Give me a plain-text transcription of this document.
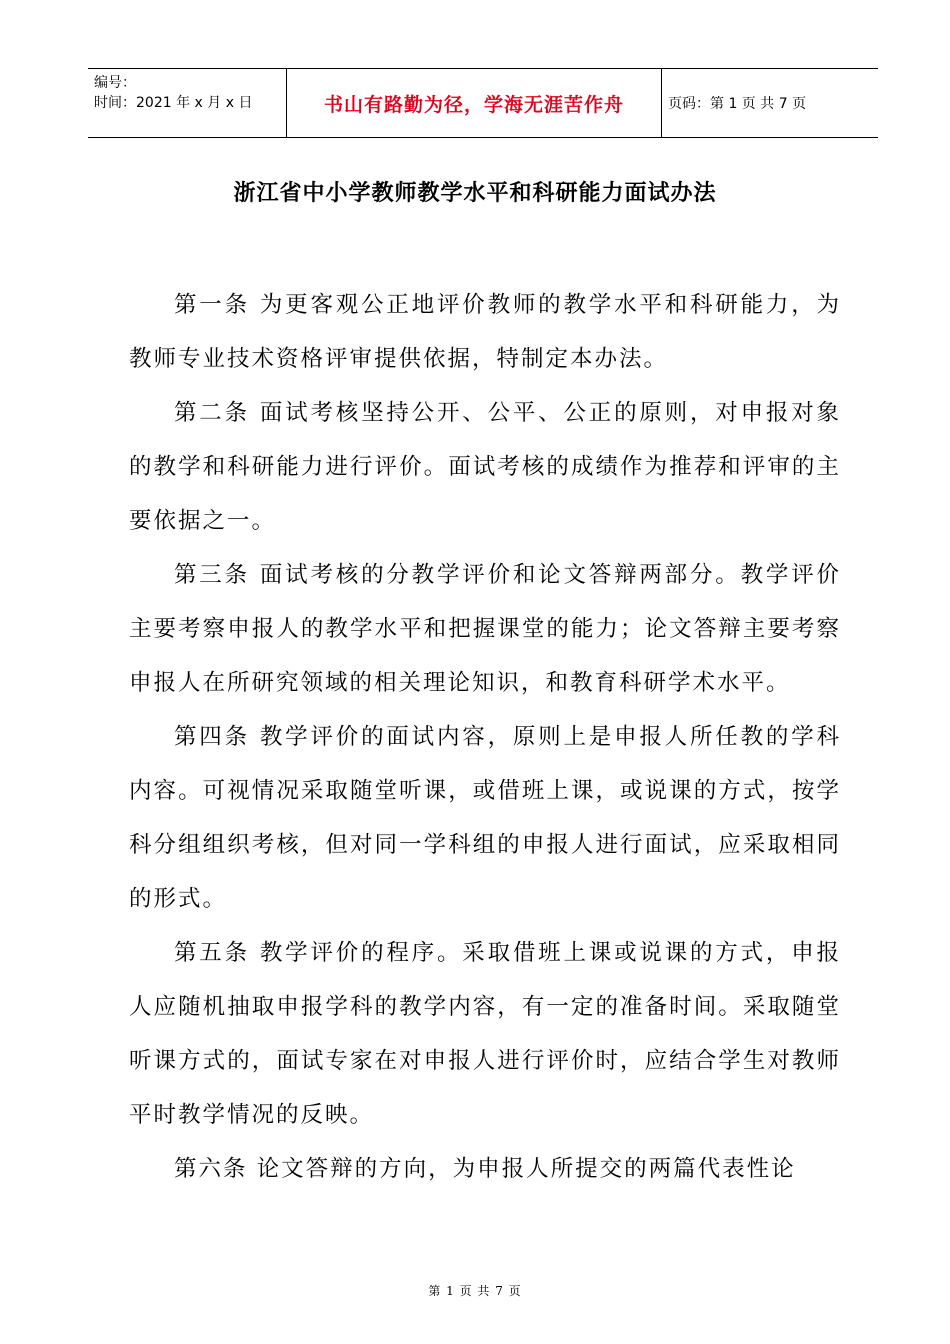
编号：
时间：2021 年 x 月 x 日	书山有路勤为径，学海无涯苦作舟	页码：第 1 页 共 7 页
浙江省中小学教师教学水平和科研能力面试办法

第一条 为更客观公正地评价教师的教学水平和科研能力，为教师专业技术资格评审提供依据，特制定本办法。

第二条 面试考核坚持公开、公平、公正的原则，对申报对象的教学和科研能力进行评价。面试考核的成绩作为推荐和评审的主要依据之一。

第三条 面试考核的分教学评价和论文答辩两部分。教学评价主要考察申报人的教学水平和把握课堂的能力；论文答辩主要考察申报人在所研究领域的相关理论知识，和教育科研学术水平。

第四条 教学评价的面试内容，原则上是申报人所任教的学科内容。可视情况采取随堂听课，或借班上课，或说课的方式，按学科分组组织考核，但对同一学科组的申报人进行面试，应采取相同的形式。

第五条 教学评价的程序。采取借班上课或说课的方式，申报人应随机抽取申报学科的教学内容，有一定的准备时间。采取随堂听课方式的，面试专家在对申报人进行评价时，应结合学生对教师平时教学情况的反映。

第六条 论文答辩的方向，为申报人所提交的两篇代表性论

第 1 页 共 7 页
